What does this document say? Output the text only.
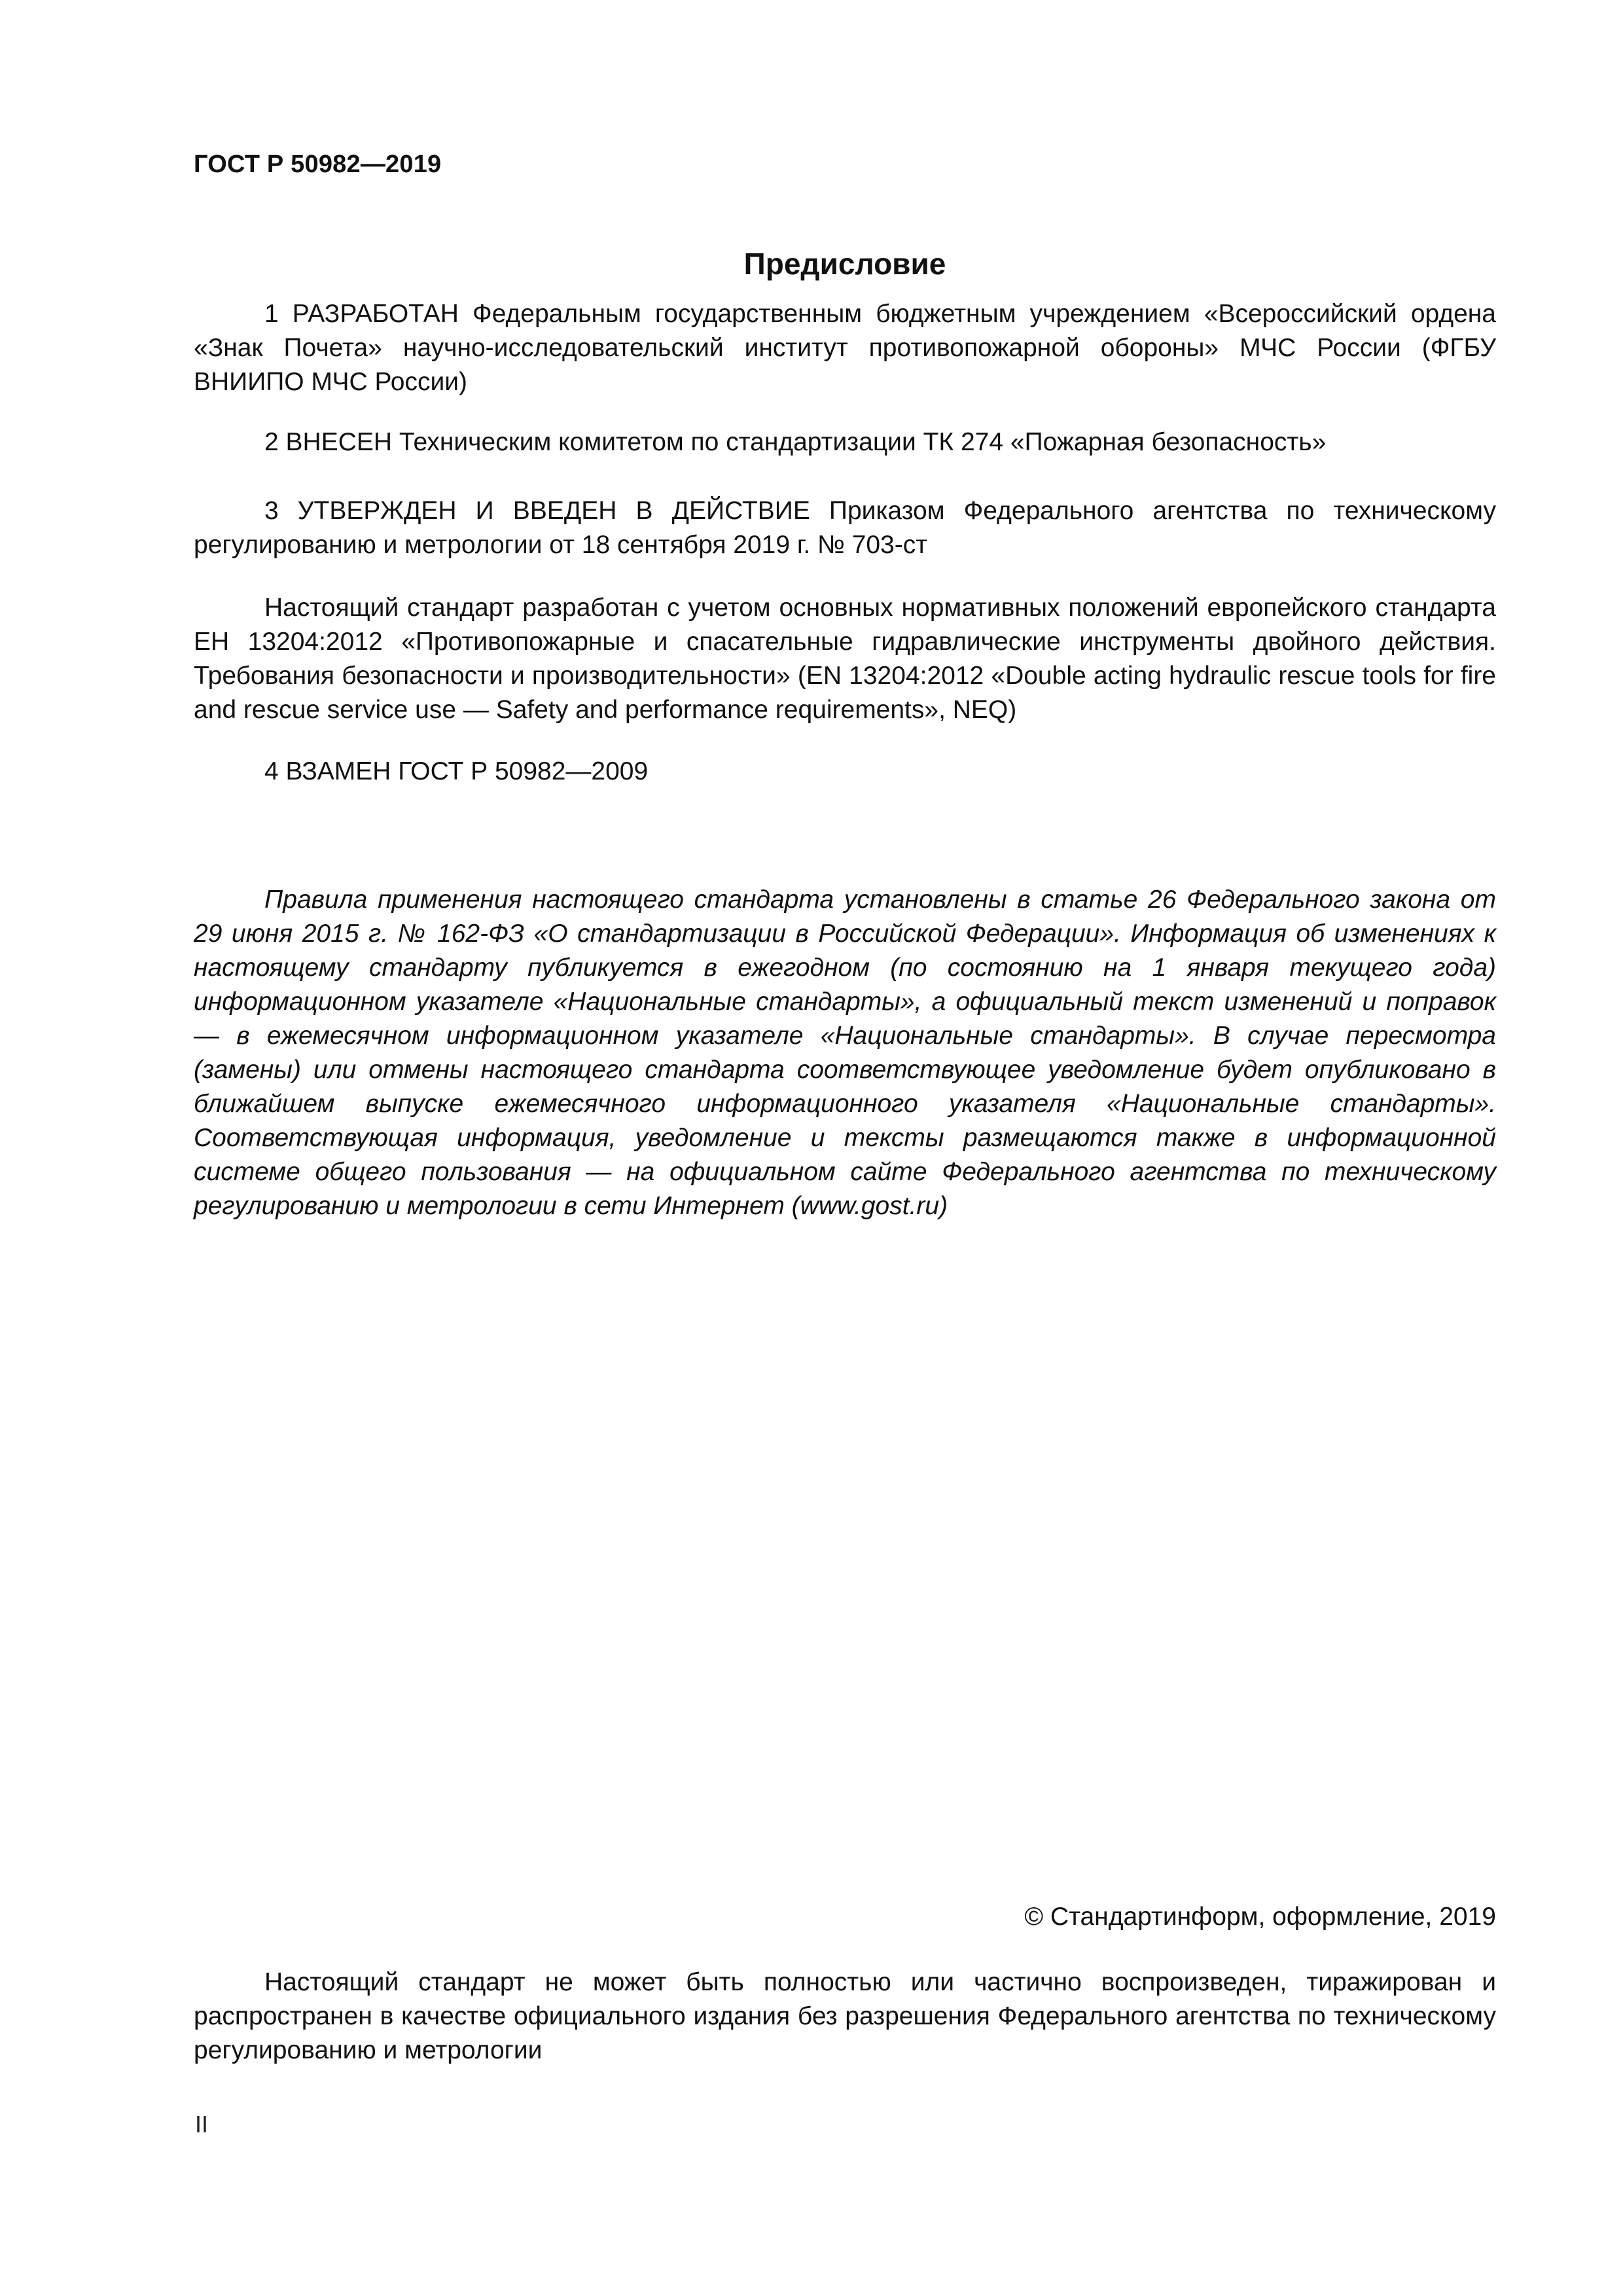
ГОСТ Р 50982—2019
Предисловие

1 РАЗРАБОТАН Федеральным государственным бюджетным учреждением «Всероссийский ордена «Знак Почета» научно-исследовательский институт противопожарной обороны» МЧС России (ФГБУ ВНИИПО МЧС России)

2 ВНЕСЕН Техническим комитетом по стандартизации ТК 274 «Пожарная безопасность»

3 УТВЕРЖДЕН И ВВЕДЕН В ДЕЙСТВИЕ Приказом Федерального агентства по техническому регулированию и метрологии от 18 сентября 2019 г. № 703-ст

Настоящий стандарт разработан с учетом основных нормативных положений европейского стандарта ЕН 13204:2012 «Противопожарные и спасательные гидравлические инструменты двойного действия. Требования безопасности и производительности» (EN 13204:2012 «Double acting hydraulic rescue tools for fire and rescue service use — Safety and performance requirements», NEQ)

4 ВЗАМЕН ГОСТ Р 50982—2009

Правила применения настоящего стандарта установлены в статье 26 Федерального закона от 29 июня 2015 г. № 162-ФЗ «О стандартизации в Российской Федерации». Информация об изменениях к настоящему стандарту публикуется в ежегодном (по состоянию на 1 января текущего года) информационном указателе «Национальные стандарты», а официальный текст изменений и поправок — в ежемесячном информационном указателе «Национальные стандарты». В случае пересмотра (замены) или отмены настоящего стандарта соответствующее уведомление будет опубликовано в ближайшем выпуске ежемесячного информационного указателя «Национальные стандарты». Соответствующая информация, уведомление и тексты размещаются также в информационной системе общего пользования — на официальном сайте Федерального агентства по техническому регулированию и метрологии в сети Интернет (www.gost.ru)

© Стандартинформ, оформление, 2019

Настоящий стандарт не может быть полностью или частично воспроизведен, тиражирован и распространен в качестве официального издания без разрешения Федерального агентства по техническому регулированию и метрологии

II
